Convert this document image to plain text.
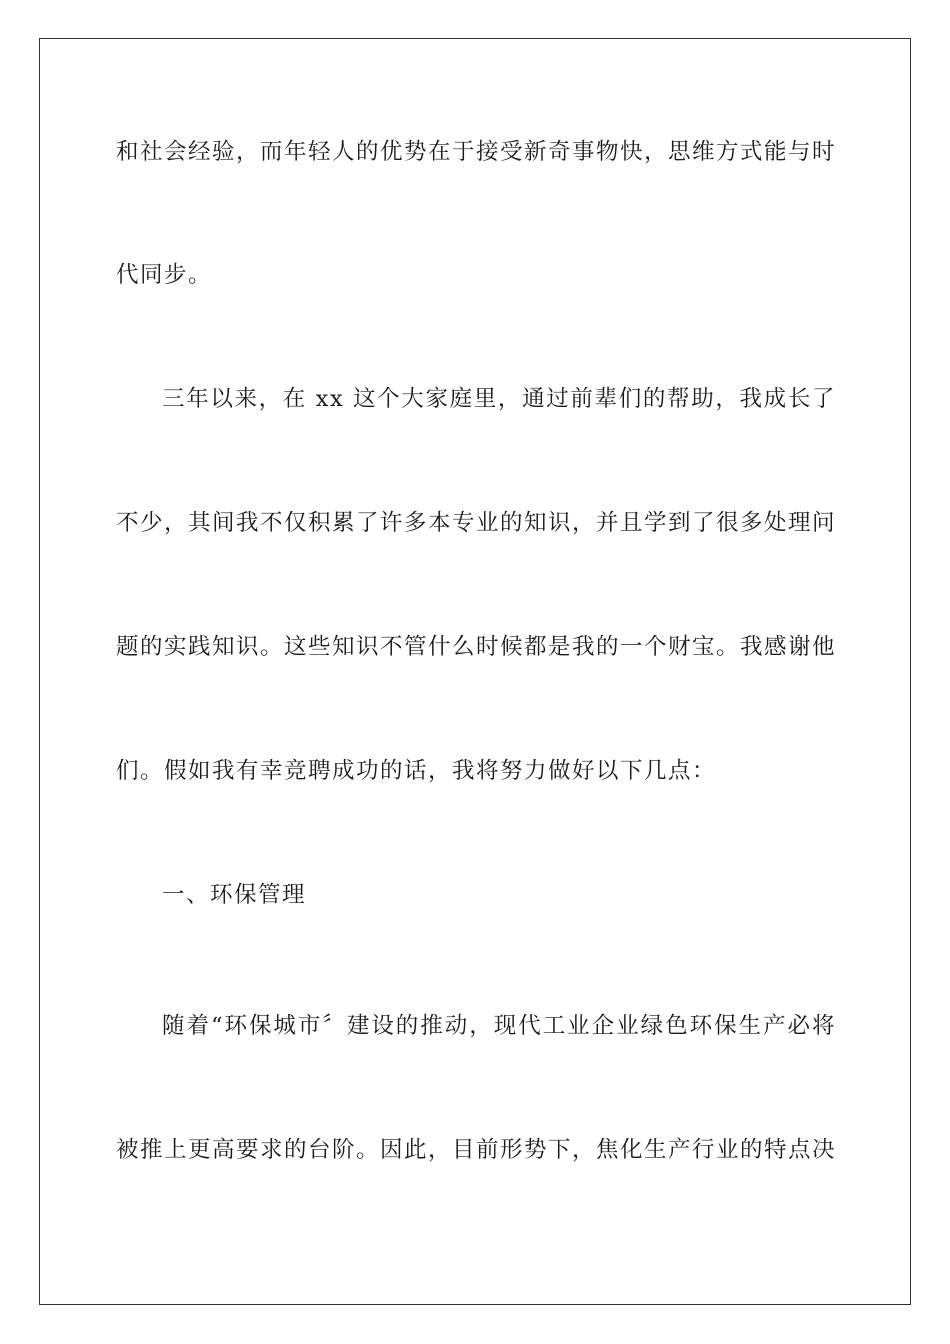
和社会经验，而年轻人的优势在于接受新奇事物快，思维方式能与时
代同步。
三年以来，在 xx 这个大家庭里，通过前辈们的帮助，我成长了
不少，其间我不仅积累了许多本专业的知识，并且学到了很多处理问
题的实践知识。这些知识不管什么时候都是我的一个财宝。我感谢他
们。假如我有幸竞聘成功的话，我将努力做好以下几点：
一、环保管理
随着“环保城市〞建设的推动，现代工业企业绿色环保生产必将
被推上更高要求的台阶。因此，目前形势下，焦化生产行业的特点决
